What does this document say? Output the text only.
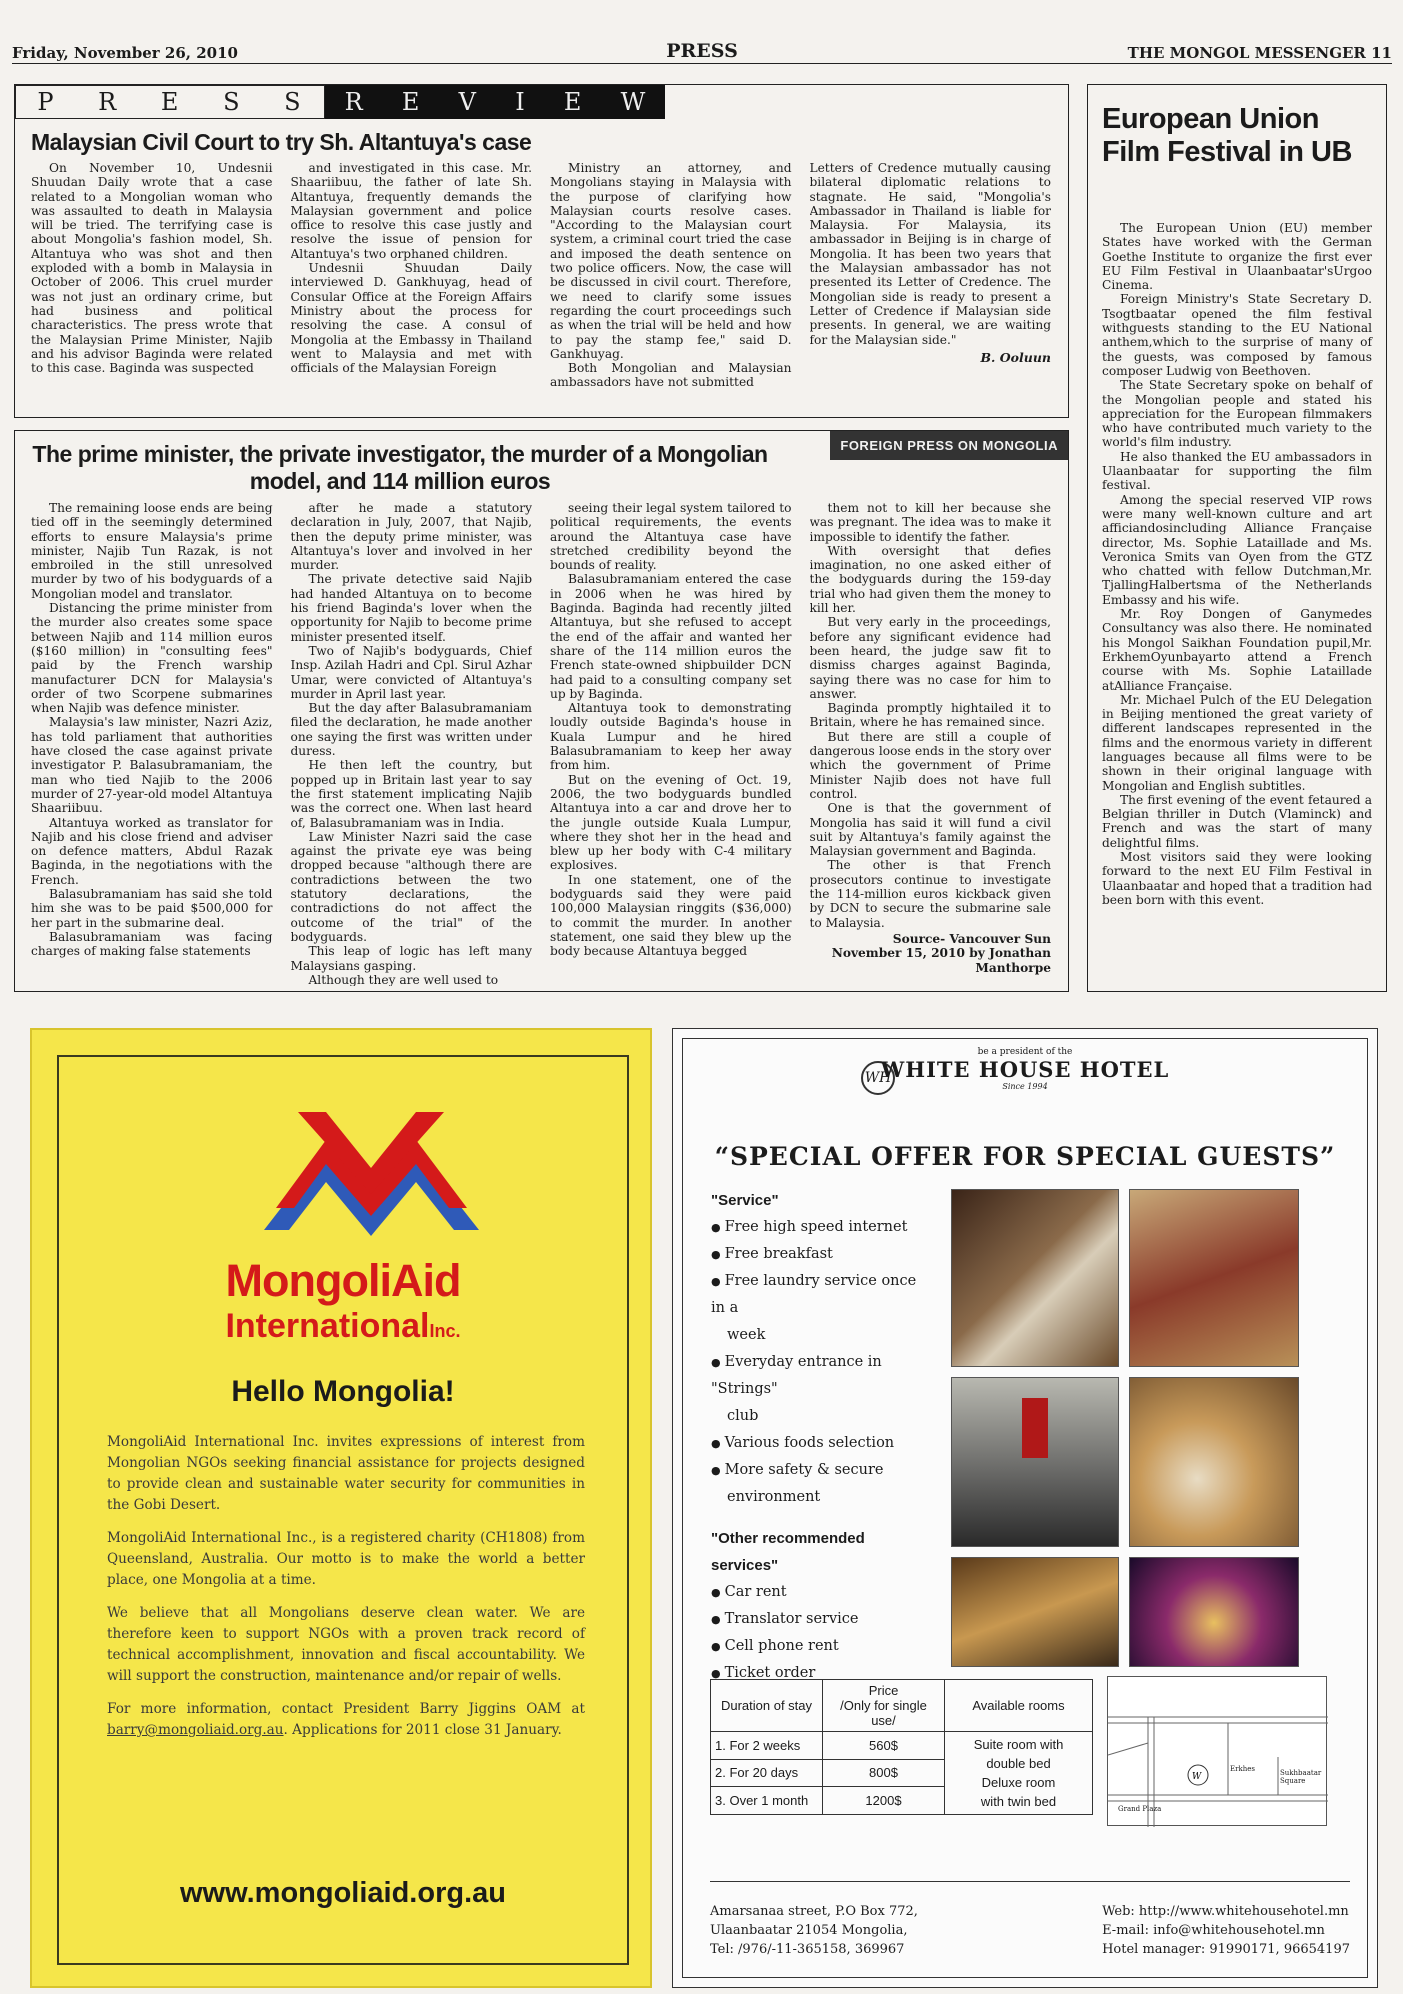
Friday, November 26, 2010	PRESS	THE MONGOL MESSENGER 11
P R E S S R E V I E W
Malaysian Civil Court to try Sh. Altantuya's case

On November 10, Undesnii Shuudan Daily wrote that a case related to a Mongolian woman who was assaulted to death in Malaysia will be tried. The terrifying case is about Mongolia's fashion model, Sh. Altantuya who was shot and then exploded with a bomb in Malaysia in October of 2006. This cruel murder was not just an ordinary crime, but had business and political characteristics. The press wrote that the Malaysian Prime Minister, Najib and his advisor Baginda were related to this case. Baginda was suspected

and investigated in this case. Mr. Shaariibuu, the father of late Sh. Altantuya, frequently demands the Malaysian government and police office to resolve this case justly and resolve the issue of pension for Altantuya's two orphaned children.

Undesnii Shuudan Daily interviewed D. Gankhuyag, head of Consular Office at the Foreign Affairs Ministry about the process for resolving the case. A consul of Mongolia at the Embassy in Thailand went to Malaysia and met with officials of the Malaysian Foreign

Ministry an attorney, and Mongolians staying in Malaysia with the purpose of clarifying how Malaysian courts resolve cases. "According to the Malaysian court system, a criminal court tried the case and imposed the death sentence on two police officers. Now, the case will be discussed in civil court. Therefore, we need to clarify some issues regarding the court proceedings such as when the trial will be held and how to pay the stamp fee," said D. Gankhuyag.

Both Mongolian and Malaysian ambassadors have not submitted

Letters of Credence mutually causing bilateral diplomatic relations to stagnate. He said, "Mongolia's Ambassador in Thailand is liable for Malaysia. For Malaysia, its ambassador in Beijing is in charge of Mongolia. It has been two years that the Malaysian ambassador has not presented its Letter of Credence. The Mongolian side is ready to present a Letter of Credence if Malaysian side presents. In general, we are waiting for the Malaysian side."

B. Ooluun
FOREIGN PRESS ON MONGOLIA
The prime minister, the private investigator, the murder of a Mongolian
model, and 114 million euros

The remaining loose ends are being tied off in the seemingly determined efforts to ensure Malaysia's prime minister, Najib Tun Razak, is not embroiled in the still unresolved murder by two of his bodyguards of a Mongolian model and translator.

Distancing the prime minister from the murder also creates some space between Najib and 114 million euros ($160 million) in "consulting fees" paid by the French warship manufacturer DCN for Malaysia's order of two Scorpene submarines when Najib was defence minister.

Malaysia's law minister, Nazri Aziz, has told parliament that authorities have closed the case against private investigator P. Balasubramaniam, the man who tied Najib to the 2006 murder of 27-year-old model Altantuya Shaariibuu.

Altantuya worked as translator for Najib and his close friend and adviser on defence matters, Abdul Razak Baginda, in the negotiations with the French.

Balasubramaniam has said she told him she was to be paid $500,000 for her part in the submarine deal.

Balasubramaniam was facing charges of making false statements

after he made a statutory declaration in July, 2007, that Najib, then the deputy prime minister, was Altantuya's lover and involved in her murder.

The private detective said Najib had handed Altantuya on to become his friend Baginda's lover when the opportunity for Najib to become prime minister presented itself.

Two of Najib's bodyguards, Chief Insp. Azilah Hadri and Cpl. Sirul Azhar Umar, were convicted of Altantuya's murder in April last year.

But the day after Balasubramaniam filed the declaration, he made another one saying the first was written under duress.

He then left the country, but popped up in Britain last year to say the first statement implicating Najib was the correct one. When last heard of, Balasubramaniam was in India.

Law Minister Nazri said the case against the private eye was being dropped because "although there are contradictions between the two statutory declarations, the contradictions do not affect the outcome of the trial" of the bodyguards.

This leap of logic has left many Malaysians gasping.

Although they are well used to

seeing their legal system tailored to political requirements, the events around the Altantuya case have stretched credibility beyond the bounds of reality.

Balasubramaniam entered the case in 2006 when he was hired by Baginda. Baginda had recently jilted Altantuya, but she refused to accept the end of the affair and wanted her share of the 114 million euros the French state-owned shipbuilder DCN had paid to a consulting company set up by Baginda.

Altantuya took to demonstrating loudly outside Baginda's house in Kuala Lumpur and he hired Balasubramaniam to keep her away from him.

But on the evening of Oct. 19, 2006, the two bodyguards bundled Altantuya into a car and drove her to the jungle outside Kuala Lumpur, where they shot her in the head and blew up her body with C-4 military explosives.

In one statement, one of the bodyguards said they were paid 100,000 Malaysian ringgits ($36,000) to commit the murder. In another statement, one said they blew up the body because Altantuya begged

them not to kill her because she was pregnant. The idea was to make it impossible to identify the father.

With oversight that defies imagination, no one asked either of the bodyguards during the 159-day trial who had given them the money to kill her.

But very early in the proceedings, before any significant evidence had been heard, the judge saw fit to dismiss charges against Baginda, saying there was no case for him to answer.

Baginda promptly hightailed it to Britain, where he has remained since.

But there are still a couple of dangerous loose ends in the story over which the government of Prime Minister Najib does not have full control.

One is that the government of Mongolia has said it will fund a civil suit by Altantuya's family against the Malaysian government and Baginda.

The other is that French prosecutors continue to investigate the 114-million euros kickback given by DCN to secure the submarine sale to Malaysia.

Source- Vancouver Sun
November 15, 2010 by Jonathan
Manthorpe
European Union Film Festival in UB

The European Union (EU) member States have worked with the German Goethe Institute to organize the first ever EU Film Festival in Ulaanbaatar'sUrgoo Cinema.

Foreign Ministry's State Secretary D. Tsogtbaatar opened the film festival withguests standing to the EU National anthem,which to the surprise of many of the guests, was composed by famous composer Ludwig von Beethoven.

The State Secretary spoke on behalf of the Mongolian people and stated his appreciation for the European filmmakers who have contributed much variety to the world's film industry.

He also thanked the EU ambassadors in Ulaanbaatar for supporting the film festival.

Among the special reserved VIP rows were many well-known culture and art afficiandosincluding Alliance Française director, Ms. Sophie Lataillade and Ms. Veronica Smits van Oyen from the GTZ who chatted with fellow Dutchman,Mr. TjallingHalbertsma of the Netherlands Embassy and his wife.

Mr. Roy Dongen of Ganymedes Consultancy was also there. He nominated his Mongol Saikhan Foundation pupil,Mr. ErkhemOyunbayarto attend a French course with Ms. Sophie Lataillade atAlliance Française.

Mr. Michael Pulch of the EU Delegation in Beijing mentioned the great variety of different landscapes represented in the films and the enormous variety in different languages because all films were to be shown in their original language with Mongolian and English subtitles.

The first evening of the event fetaured a Belgian thriller in Dutch (Vlaminck) and French and was the start of many delightful films.

Most visitors said they were looking forward to the next EU Film Festival in Ulaanbaatar and hoped that a tradition had been born with this event.

MongoliAid
InternationalInc.
Hello Mongolia!

MongoliAid International Inc. invites expressions of interest from Mongolian NGOs seeking financial assistance for projects designed to provide clean and sustainable water security for communities in the Gobi Desert.

MongoliAid International Inc., is a registered charity (CH1808) from Queensland, Australia. Our motto is to make the world a better place, one Mongolia at a time.

We believe that all Mongolians deserve clean water. We are therefore keen to support NGOs with a proven track record of technical accomplishment, innovation and fiscal accountability. We will support the construction, maintenance and/or repair of wells.

For more information, contact President Barry Jiggins OAM at barry@mongoliaid.org.au. Applications for 2011 close 31 January.

www.mongoliaid.org.au
WH
be a president of the
WHITE HOUSE HOTEL
Since 1994
“SPECIAL OFFER FOR SPECIAL GUESTS”
"Service"
● Free high speed internet
● Free breakfast
● Free laundry service once in a
week
● Everyday entrance in "Strings"
club
● Various foods selection
● More safety & secure
environment
"Other recommended
services"
● Car rent
● Translator service
● Cell phone rent
● Ticket order
Duration of stay	Price
/Only for single
use/	Available rooms
1. For 2 weeks	560$	Suite room with
double bed
Deluxe room
with twin bed

2. For 20 days	800$	
3. Over 1 month	1200$	
W
Grand Plaza
Erkhes	Sukhbaatar Square
Amarsanaa street, P.O Box 772,
Ulaanbaatar 21054 Mongolia,
Tel: /976/-11-365158, 369967
Web: http://www.whitehousehotel.mn
E-mail: info@whitehousehotel.mn
Hotel manager: 91990171, 96654197
